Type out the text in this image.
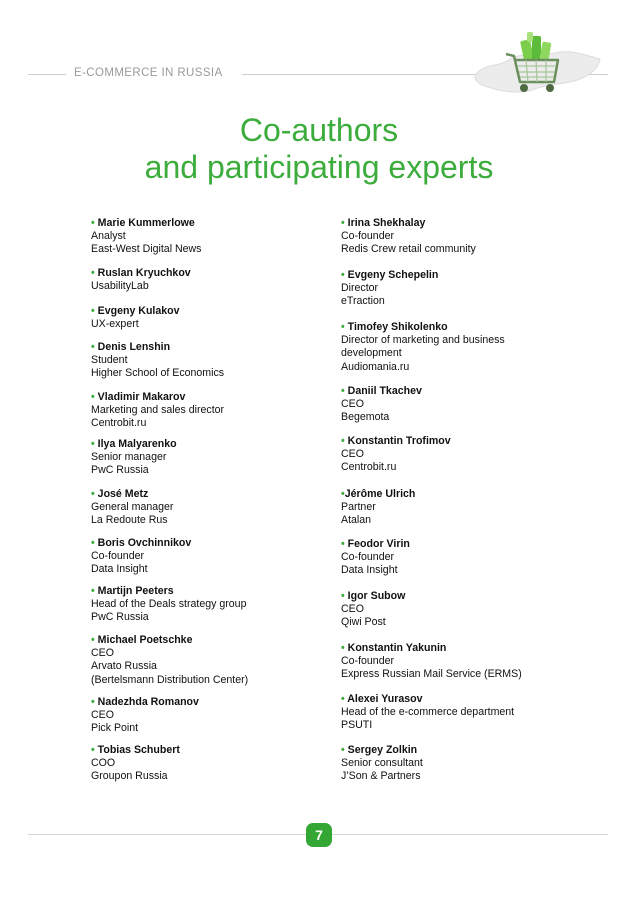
E-COMMERCE IN RUSSIA
Co-authors
and participating experts
• Marie Kummerlowe
Analyst
East-West Digital News
• Ruslan Kryuchkov
UsabilityLab
• Evgeny Kulakov
UX-expert
• Denis Lenshin
Student
Higher School of Economics
• Vladimir Makarov
Marketing and sales director
Centrobit.ru
• Ilya Malyarenko
Senior manager
PwC Russia
• José Metz
General manager
La Redoute Rus
• Boris Ovchinnikov
Co-founder
Data Insight
• Martijn Peeters
Head of the Deals strategy group
PwC Russia
• Michael Poetschke
CEO
Arvato Russia
(Bertelsmann Distribution Center)
• Nadezhda Romanov
CEO
Pick Point
• Tobias Schubert
COO
Groupon Russia
• Irina Shekhalay
Co-founder
Redis Crew retail community
• Evgeny Schepelin
Director
eTraction
• Timofey Shikolenko
Director of marketing and business
development
Audiomania.ru
• Daniil Tkachev
CEO
Begemota
• Konstantin Trofimov
CEO
Centrobit.ru
•Jérôme Ulrich
Partner
Atalan
• Feodor Virin
Co-founder
Data Insight
• Igor Subow
CEO
Qiwi Post
• Konstantin Yakunin
Co-founder
Express Russian Mail Service (ERMS)
• Alexei Yurasov
Head of the e-commerce department
PSUTI
• Sergey Zolkin
Senior consultant
J’Son & Partners
7
